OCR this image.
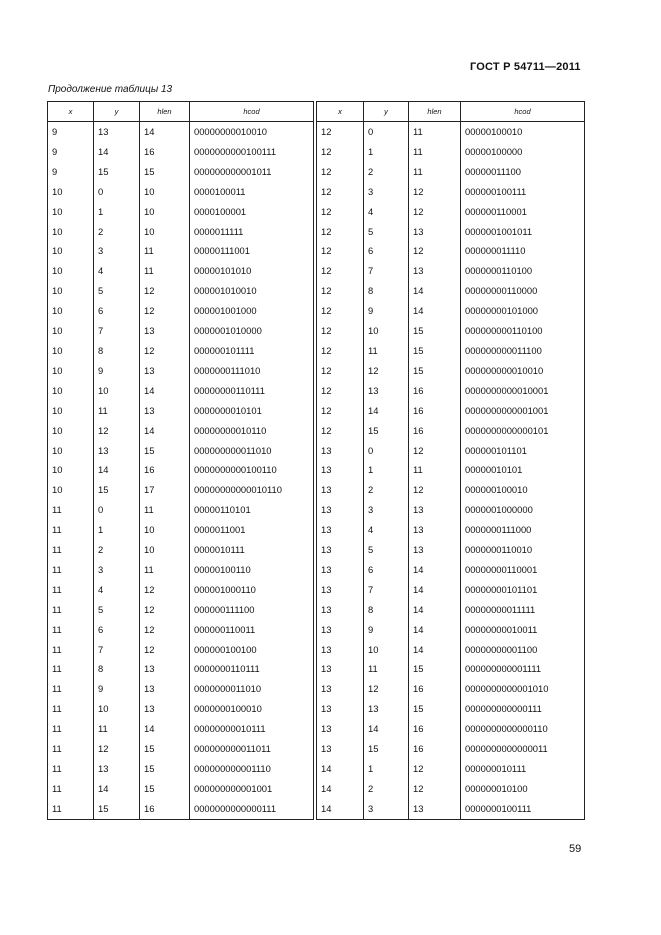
ГОСТ Р 54711—2011
Продолжение таблицы 13
x	y	hlen	hcod
9	13	14	00000000010010
9	14	16	0000000000100111
9	15	15	000000000001011
10	0	10	0000100011
10	1	10	0000100001
10	2	10	0000011111
10	3	11	00000111001
10	4	11	00000101010
10	5	12	000001010010
10	6	12	000001001000
10	7	13	0000001010000
10	8	12	000000101111
10	9	13	0000000111010
10	10	14	00000000110111
10	11	13	0000000010101
10	12	14	00000000010110
10	13	15	000000000011010
10	14	16	0000000000100110
10	15	17	00000000000010110
11	0	11	00000110101
11	1	10	0000011001
11	2	10	0000010111
11	3	11	00000100110
11	4	12	000001000110
11	5	12	000000111100
11	6	12	000000110011
11	7	12	000000100100
11	8	13	0000000110111
11	9	13	0000000011010
11	10	13	0000000100010
11	11	14	00000000010111
11	12	15	000000000011011
11	13	15	000000000001110
11	14	15	000000000001001
11	15	16	0000000000000111
x	y	hlen	hcod
12	0	11	00000100010
12	1	11	00000100000
12	2	11	00000011100
12	3	12	000000100111
12	4	12	000000110001
12	5	13	0000001001011
12	6	12	000000011110
12	7	13	0000000110100
12	8	14	00000000110000
12	9	14	00000000101000
12	10	15	000000000110100
12	11	15	000000000011100
12	12	15	000000000010010
12	13	16	0000000000010001
12	14	16	0000000000001001
12	15	16	0000000000000101
13	0	12	000000101101
13	1	11	00000010101
13	2	12	000000100010
13	3	13	0000001000000
13	4	13	0000000111000
13	5	13	0000000110010
13	6	14	00000000110001
13	7	14	00000000101101
13	8	14	00000000011111
13	9	14	00000000010011
13	10	14	00000000001100
13	11	15	000000000001111
13	12	16	0000000000001010
13	13	15	000000000000111
13	14	16	0000000000000110
13	15	16	0000000000000011
14	1	12	000000010111
14	2	12	000000010100
14	3	13	0000000100111
59
